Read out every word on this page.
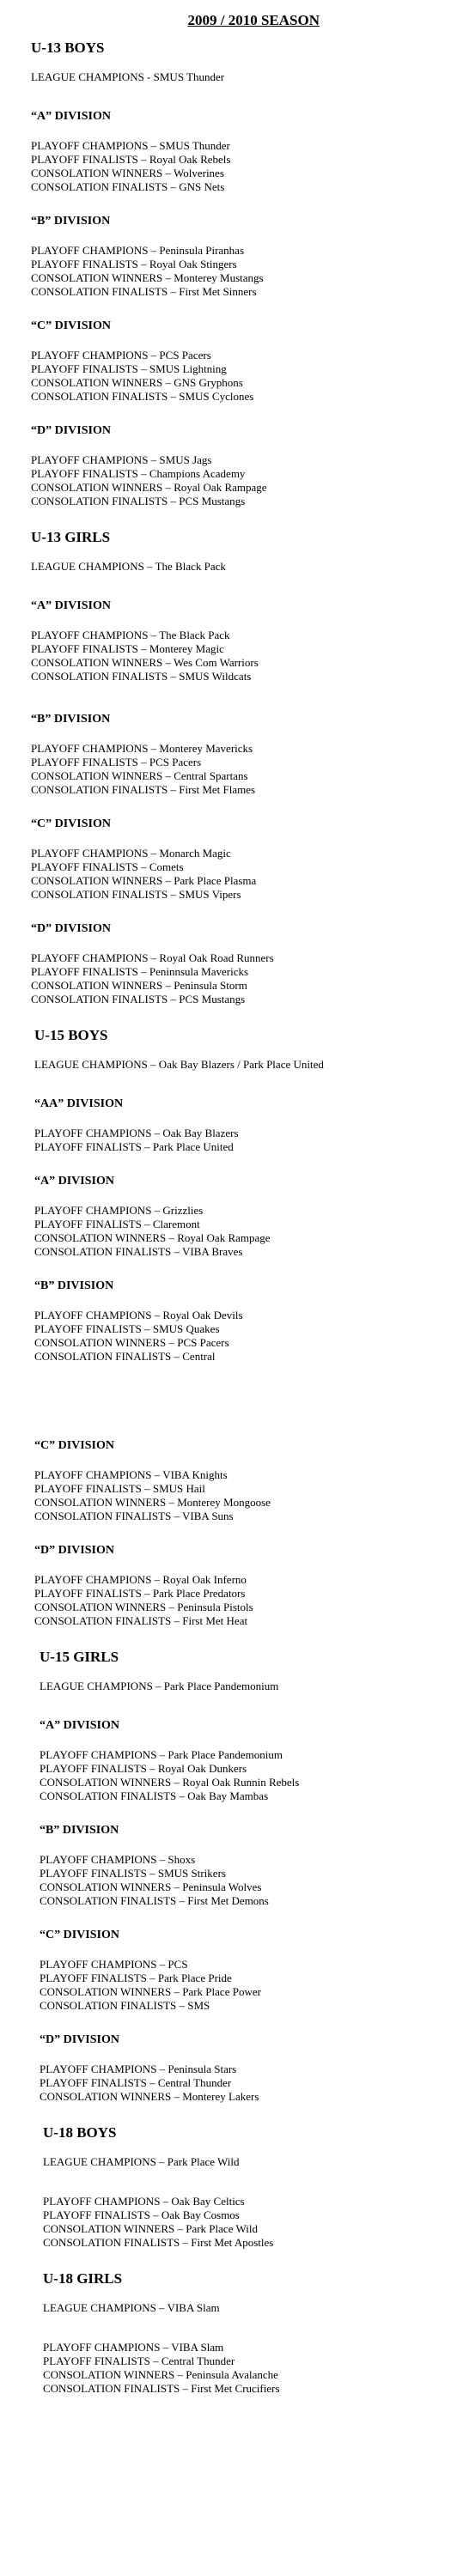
2009 / 2010 SEASON
U-13 BOYS
LEAGUE CHAMPIONS - SMUS Thunder
“A” DIVISION
PLAYOFF CHAMPIONS – SMUS Thunder
PLAYOFF FINALISTS – Royal Oak Rebels
CONSOLATION WINNERS – Wolverines
CONSOLATION FINALISTS – GNS Nets
“B” DIVISION
PLAYOFF CHAMPIONS – Peninsula Piranhas
PLAYOFF FINALISTS – Royal Oak Stingers
CONSOLATION WINNERS – Monterey Mustangs
CONSOLATION FINALISTS – First Met Sinners
“C” DIVISION
PLAYOFF CHAMPIONS – PCS Pacers
PLAYOFF FINALISTS – SMUS Lightning
CONSOLATION WINNERS – GNS Gryphons
CONSOLATION FINALISTS – SMUS Cyclones
“D” DIVISION
PLAYOFF CHAMPIONS – SMUS Jags
PLAYOFF FINALISTS – Champions Academy
CONSOLATION WINNERS – Royal Oak Rampage
CONSOLATION FINALISTS – PCS Mustangs
U-13 GIRLS
LEAGUE CHAMPIONS – The Black Pack
“A” DIVISION
PLAYOFF CHAMPIONS – The Black Pack
PLAYOFF FINALISTS – Monterey Magic
CONSOLATION WINNERS – Wes Com Warriors
CONSOLATION FINALISTS – SMUS Wildcats
“B” DIVISION
PLAYOFF CHAMPIONS – Monterey Mavericks
PLAYOFF FINALISTS – PCS Pacers
CONSOLATION WINNERS – Central Spartans
CONSOLATION FINALISTS – First Met Flames
“C” DIVISION
PLAYOFF CHAMPIONS – Monarch Magic
PLAYOFF FINALISTS – Comets
CONSOLATION WINNERS – Park Place Plasma
CONSOLATION FINALISTS – SMUS Vipers
“D” DIVISION
PLAYOFF CHAMPIONS – Royal Oak Road Runners
PLAYOFF FINALISTS – Peninnsula Mavericks
CONSOLATION WINNERS – Peninsula Storm
CONSOLATION FINALISTS – PCS Mustangs
U-15 BOYS
LEAGUE CHAMPIONS – Oak Bay Blazers / Park Place United
“AA” DIVISION
PLAYOFF CHAMPIONS – Oak Bay Blazers
PLAYOFF FINALISTS – Park Place United
“A” DIVISION
PLAYOFF CHAMPIONS – Grizzlies
PLAYOFF FINALISTS – Claremont
CONSOLATION WINNERS – Royal Oak Rampage
CONSOLATION FINALISTS – VIBA Braves
“B” DIVISION
PLAYOFF CHAMPIONS – Royal Oak Devils
PLAYOFF FINALISTS – SMUS Quakes
CONSOLATION WINNERS – PCS Pacers
CONSOLATION FINALISTS – Central
“C” DIVISION
PLAYOFF CHAMPIONS – VIBA Knights
PLAYOFF FINALISTS – SMUS Hail
CONSOLATION WINNERS – Monterey Mongoose
CONSOLATION FINALISTS – VIBA Suns
“D” DIVISION
PLAYOFF CHAMPIONS – Royal Oak Inferno
PLAYOFF FINALISTS – Park Place Predators
CONSOLATION WINNERS – Peninsula Pistols
CONSOLATION FINALISTS – First Met Heat
U-15 GIRLS
LEAGUE CHAMPIONS – Park Place Pandemonium
“A” DIVISION
PLAYOFF CHAMPIONS – Park Place Pandemonium
PLAYOFF FINALISTS – Royal Oak Dunkers
CONSOLATION WINNERS – Royal Oak Runnin Rebels
CONSOLATION FINALISTS – Oak Bay Mambas
“B” DIVISION
PLAYOFF CHAMPIONS – Shoxs
PLAYOFF FINALISTS – SMUS Strikers
CONSOLATION WINNERS – Peninsula Wolves
CONSOLATION FINALISTS – First Met Demons
“C” DIVISION
PLAYOFF CHAMPIONS – PCS
PLAYOFF FINALISTS – Park Place Pride
CONSOLATION WINNERS – Park Place Power
CONSOLATION FINALISTS – SMS
“D” DIVISION
PLAYOFF CHAMPIONS – Peninsula Stars
PLAYOFF FINALISTS – Central Thunder
CONSOLATION WINNERS – Monterey Lakers
U-18 BOYS
LEAGUE CHAMPIONS – Park Place Wild
PLAYOFF CHAMPIONS – Oak Bay Celtics
PLAYOFF FINALISTS – Oak Bay Cosmos
CONSOLATION WINNERS – Park Place Wild
CONSOLATION FINALISTS – First Met Apostles
U-18 GIRLS
LEAGUE CHAMPIONS – VIBA Slam
PLAYOFF CHAMPIONS – VIBA Slam
PLAYOFF FINALISTS – Central Thunder
CONSOLATION WINNERS – Peninsula Avalanche
CONSOLATION FINALISTS – First Met Crucifiers
